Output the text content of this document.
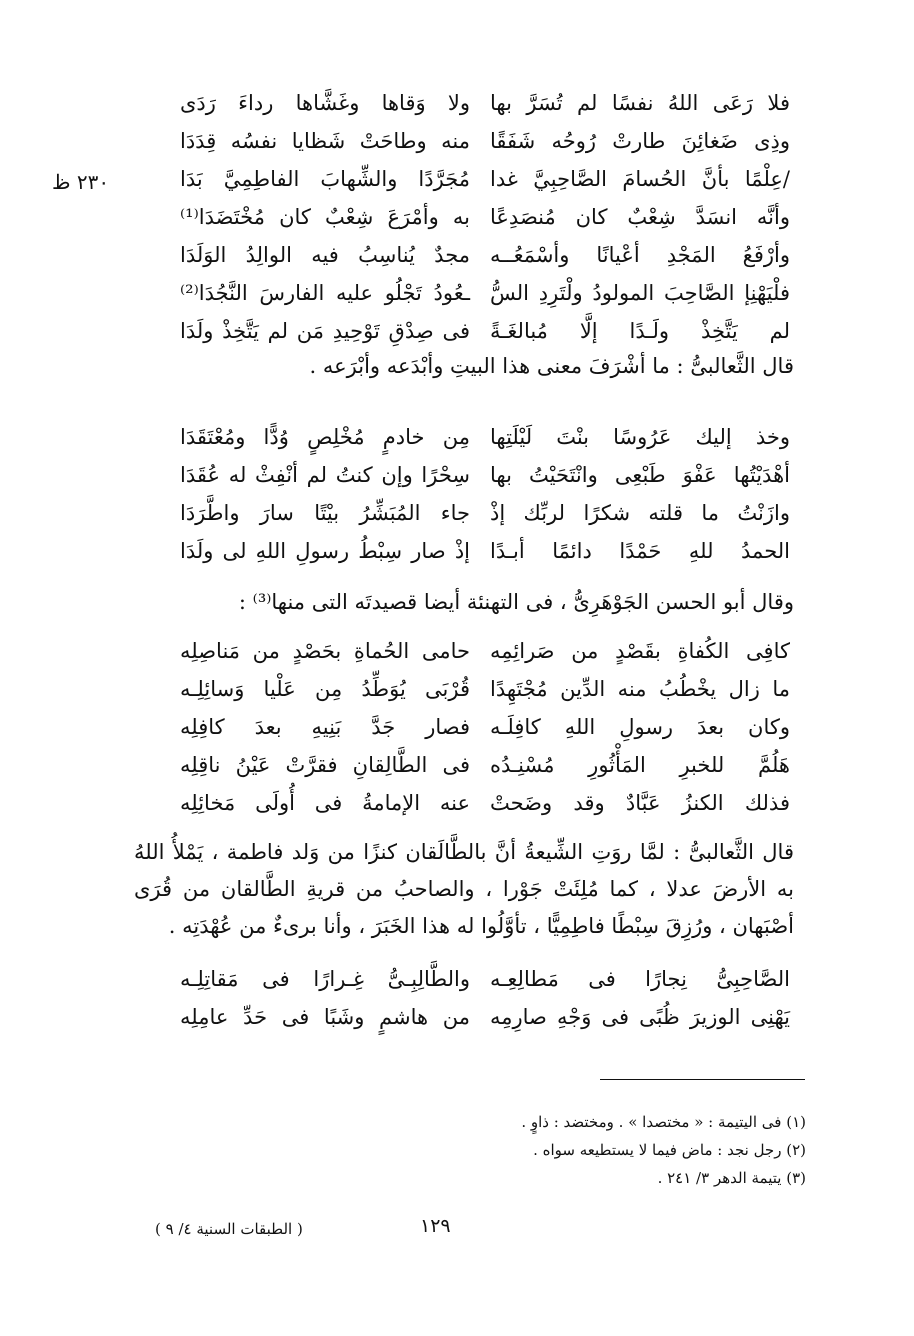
٢٣٠ ظ
فلا رَعَى اللهُ نفسًا لم تُسَرَّ بها
ولا وَقاها وغَشَّاها رداءَ رَدَى
وذِى ضَغائِنَ طارتْ رُوحُه شَفَقًا
منه وطاحَتْ شَظايا نفسُه قِدَدَا
/عِلْمًا بأنَّ الحُسامَ الصَّاحِبِيَّ غدا
مُجَرَّدًا والشِّهابَ الفاطِمِيَّ بَدَا
وأنَّه انسَدَّ شِعْبٌ كان مُنصَدِعًا
به وأمْرَعَ شِعْبٌ كان مُخْتَضَدَا⁽¹⁾
وأرْفَعُ المَجْدِ أعْيانًا وأسْمَعُــه
مجدٌ يُناسِبُ فيه الوالِدُ الوَلَدَا
فلْيَهْنِإ الصَّاحِبَ المولودُ ولْتَرِدِ السُّ
ـعُودُ تَجْلُو عليه الفارسَ النَّجُدَا⁽²⁾
لم يَتَّخِذْ ولَـدًا إلَّا مُبالغَـةً
فى صِدْقِ تَوْحِيدِ مَن لم يَتَّخِذْ ولَدَا

قال الثَّعالبىُّ : ما أشْرَفَ معنى هذا البيتِ وأبْدَعه وأبْرَعه .

وخذ إليك عَرُوسًا بنْتَ لَيْلَتِها
مِن خادمٍ مُخْلِصٍ وُدًّا ومُعْتَقَدَا
أهْدَيْتُها عَفْوَ طَبْعِى وانْتَحَيْتُ بها
سِحْرًا وإن كنتُ لم أنْفِثْ له عُقَدَا
وازَنْتُ ما قلته شكرًا لربِّك إذْ
جاء المُبَشِّرُ بيْتًا سارَ واطَّرَدَا
الحمدُ للهِ حَمْدًا دائمًا أبـدًا
إذْ صار سِبْطُ رسولِ اللهِ لى ولَدَا

وقال أبو الحسن الجَوْهَرِىُّ ، فى التهنئة أيضا قصيدتَه التى منها⁽³⁾ :

كافِى الكُفاةِ بقَصْدٍ من صَرائِمِه
حامى الحُماةِ بحَصْدٍ من مَناصِلِه
ما زال يخْطُبُ منه الدِّين مُجْتَهِدًا
قُرْبَى يُوَطِّدُ مِن عَلْيا وَسائِلِـه
وكان بعدَ رسولِ اللهِ كافِلَـه
فصار جَدَّ بَنِيهِ بعدَ كافِلِه
هَلُمَّ للخبرِ المَأْثُورِ مُسْنِـدُه
فى الطَّالِقانِ فقرَّتْ عَيْنُ ناقِلِه
فذلك الكنزُ عَبَّادٌ وقد وضَحتْ
عنه الإمامةُ فى أُولَى مَخائِلِه

قال الثَّعالبىُّ : لمَّا روَتِ الشِّيعةُ أنَّ بالطَّالَقان كنزًا من وَلد فاطمة ، يَمْلأُ اللهُ به الأرضَ عدلا ، كما مُلِئَتْ جَوْرا ، والصاحبُ من قريةِ الطَّالقان من قُرَى أصْبَهان ، ورُزِقَ سِبْطًا فاطِمِيًّا ، تأوَّلُوا له هذا الخَبَرَ ، وأنا برىءٌ من عُهْدَتِه .

الصَّاحِبِىُّ نِجارًا فى مَطالِعِـه
والطَّالِبِـىُّ غِـرارًا فى مَقاتِلِـه
يَهْنِى الوزيرَ ظُبًى فى وَجْهِ صارِمِه
من هاشمٍ وشَبًا فى حَدِّ عامِلِه
(١) فى اليتيمة : « مختصدا » . ومختضد : ذاوٍ .
(٢) رجل نجد : ماض فيما لا يستطيعه سواه .
(٣) يتيمة الدهر ٣/ ٢٤١ .
١٢٩
( الطبقات السنية ٤/ ٩ )
